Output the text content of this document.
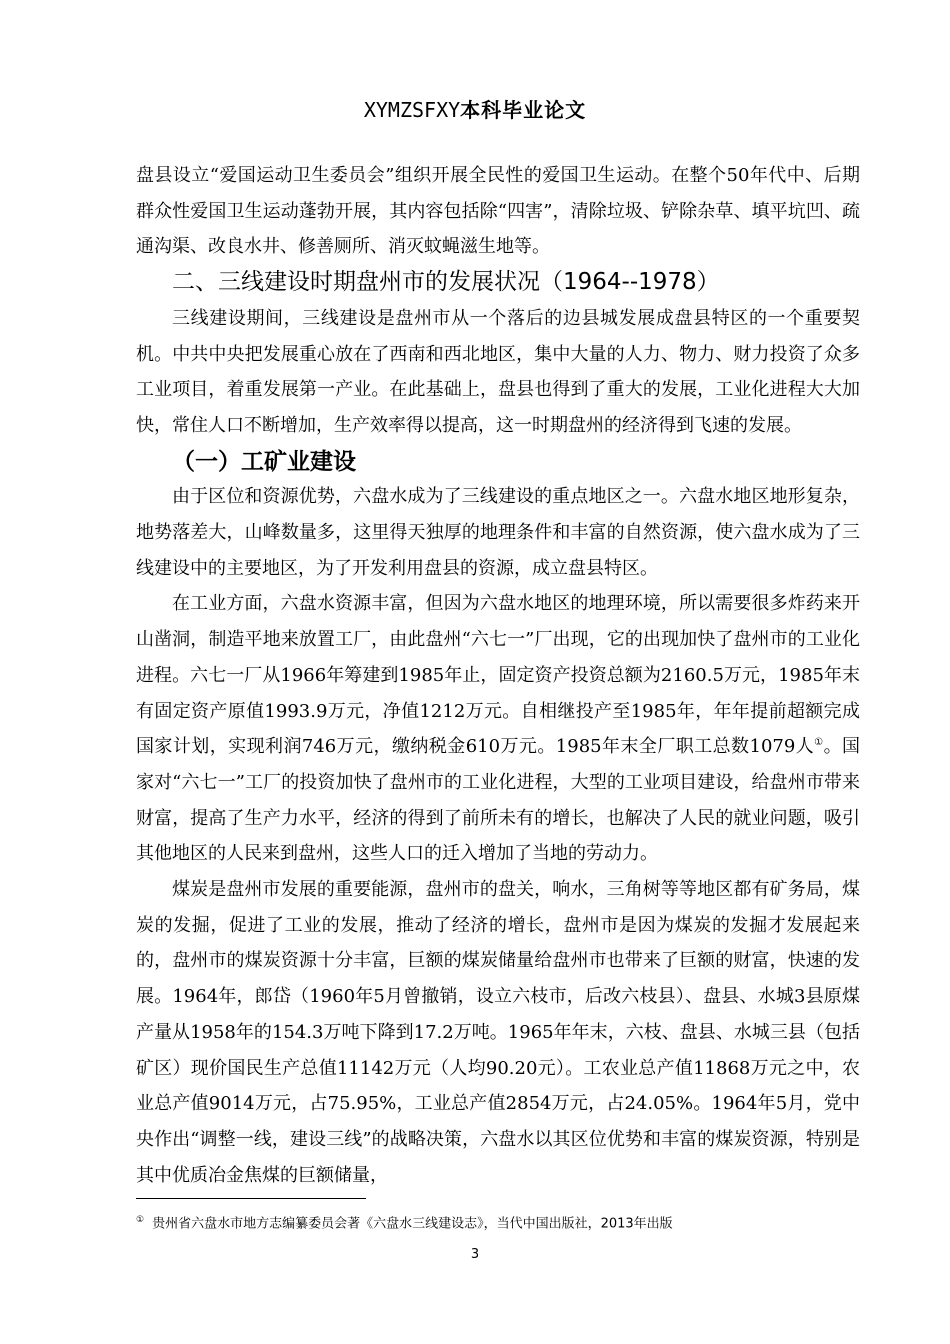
XYMZSFXY本科毕业论文

盘县设立“爱国运动卫生委员会”组织开展全民性的爱国卫生运动。在整个50年代中、后期群众性爱国卫生运动蓬勃开展，其内容包括除“四害”，清除垃圾、铲除杂草、填平坑凹、疏通沟渠、改良水井、修善厕所、消灭蚊蝇滋生地等。

二、三线建设时期盘州市的发展状况（1964--1978）

三线建设期间，三线建设是盘州市从一个落后的边县城发展成盘县特区的一个重要契机。中共中央把发展重心放在了西南和西北地区，集中大量的人力、物力、财力投资了众多工业项目，着重发展第一产业。在此基础上，盘县也得到了重大的发展，工业化进程大大加快，常住人口不断增加，生产效率得以提高，这一时期盘州的经济得到飞速的发展。

（一）工矿业建设

由于区位和资源优势，六盘水成为了三线建设的重点地区之一。六盘水地区地形复杂，地势落差大，山峰数量多，这里得天独厚的地理条件和丰富的自然资源，使六盘水成为了三线建设中的主要地区，为了开发利用盘县的资源，成立盘县特区。

在工业方面，六盘水资源丰富，但因为六盘水地区的地理环境，所以需要很多炸药来开山凿洞，制造平地来放置工厂，由此盘州“六七一”厂出现，它的出现加快了盘州市的工业化进程。六七一厂从1966年筹建到1985年止，固定资产投资总额为2160.5万元，1985年末有固定资产原值1993.9万元，净值1212万元。自相继投产至1985年，年年提前超额完成国家计划，实现利润746万元，缴纳税金610万元。1985年末全厂职工总数1079人①。国家对“六七一”工厂的投资加快了盘州市的工业化进程，大型的工业项目建设，给盘州市带来财富，提高了生产力水平，经济的得到了前所未有的增长，也解决了人民的就业问题，吸引其他地区的人民来到盘州，这些人口的迁入增加了当地的劳动力。

煤炭是盘州市发展的重要能源，盘州市的盘关，响水，三角树等等地区都有矿务局，煤炭的发掘，促进了工业的发展，推动了经济的增长，盘州市是因为煤炭的发掘才发展起来的，盘州市的煤炭资源十分丰富，巨额的煤炭储量给盘州市也带来了巨额的财富，快速的发展。1964年，郎岱（1960年5月曾撤销，设立六枝市，后改六枝县）、盘县、水城3县原煤产量从1958年的154.3万吨下降到17.2万吨。1965年年末，六枝、盘县、水城三县（包括矿区）现价国民生产总值11142万元（人均90.20元）。工农业总产值11868万元之中，农业总产值9014万元，占75.95%，工业总产值2854万元，占24.05%。1964年5月，党中央作出“调整一线，建设三线”的战略决策，六盘水以其区位优势和丰富的煤炭资源，特别是其中优质冶金焦煤的巨额储量，

① 贵州省六盘水市地方志编纂委员会著《六盘水三线建设志》，当代中国出版社，2013年出版
3
